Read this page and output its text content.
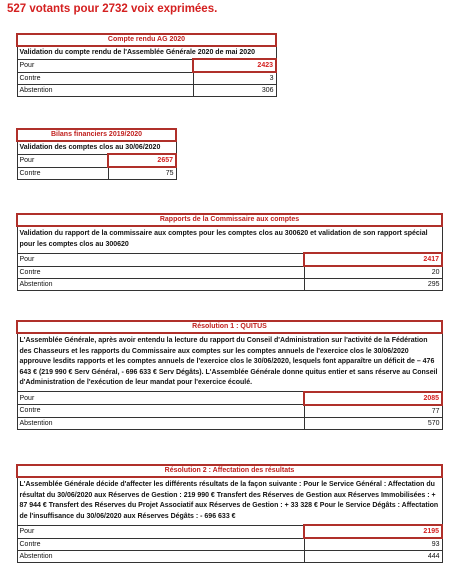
527 votants pour 2732 voix exprimées.
Compte rendu AG 2020	
Validation du compte rendu de l'Assemblée Générale 2020 de mai 2020	
Pour	2423
Contre	3
Abstention	306
Bilans financiers 2019/2020	
Validation des comptes clos au 30/06/2020	
Pour	2657
Contre	75
Rapports de la Commissaire aux comptes	
Validation du rapport de la commissaire aux comptes pour les comptes clos au 300620 et validation de son rapport spécial pour les comptes clos au 300620	
Pour	2417
Contre	20
Abstention	295
Résolution 1 : QUITUS	
L'Assemblée Générale, après avoir entendu la lecture du rapport du Conseil d'Administration sur l'activité de la Fédération des Chasseurs et les rapports du Commissaire aux comptes sur les comptes annuels de l'exercice clos le 30/06/2020 approuve lesdits rapports et les comptes annuels de l'exercice clos le 30/06/2020, lesquels font apparaître un déficit de – 476 643 € (219 990 € Serv Général, - 696 633 € Serv Dégâts). L'Assemblée Générale donne quitus entier et sans réserve au Conseil d'Administration de l'exécution de leur mandat pour l'exercice écoulé.	
Pour	2085
Contre	77
Abstention	570
Résolution 2 : Affectation des résultats	
L'Assemblée Générale décide d'affecter les différents résultats de la façon suivante : Pour le Service Général : Affectation du résultat du 30/06/2020 aux Réserves de Gestion : 219 990 € Transfert des Réserves de Gestion aux Réserves Immobilisées : + 87 944 € Transfert des Réserves du Projet Associatif aux Réserves de Gestion : + 33 328 € Pour le Service Dégâts : Affectation de l'insuffisance du 30/06/2020 aux Réserves Dégâts : - 696 633 €	
Pour	2195
Contre	93
Abstention	444
